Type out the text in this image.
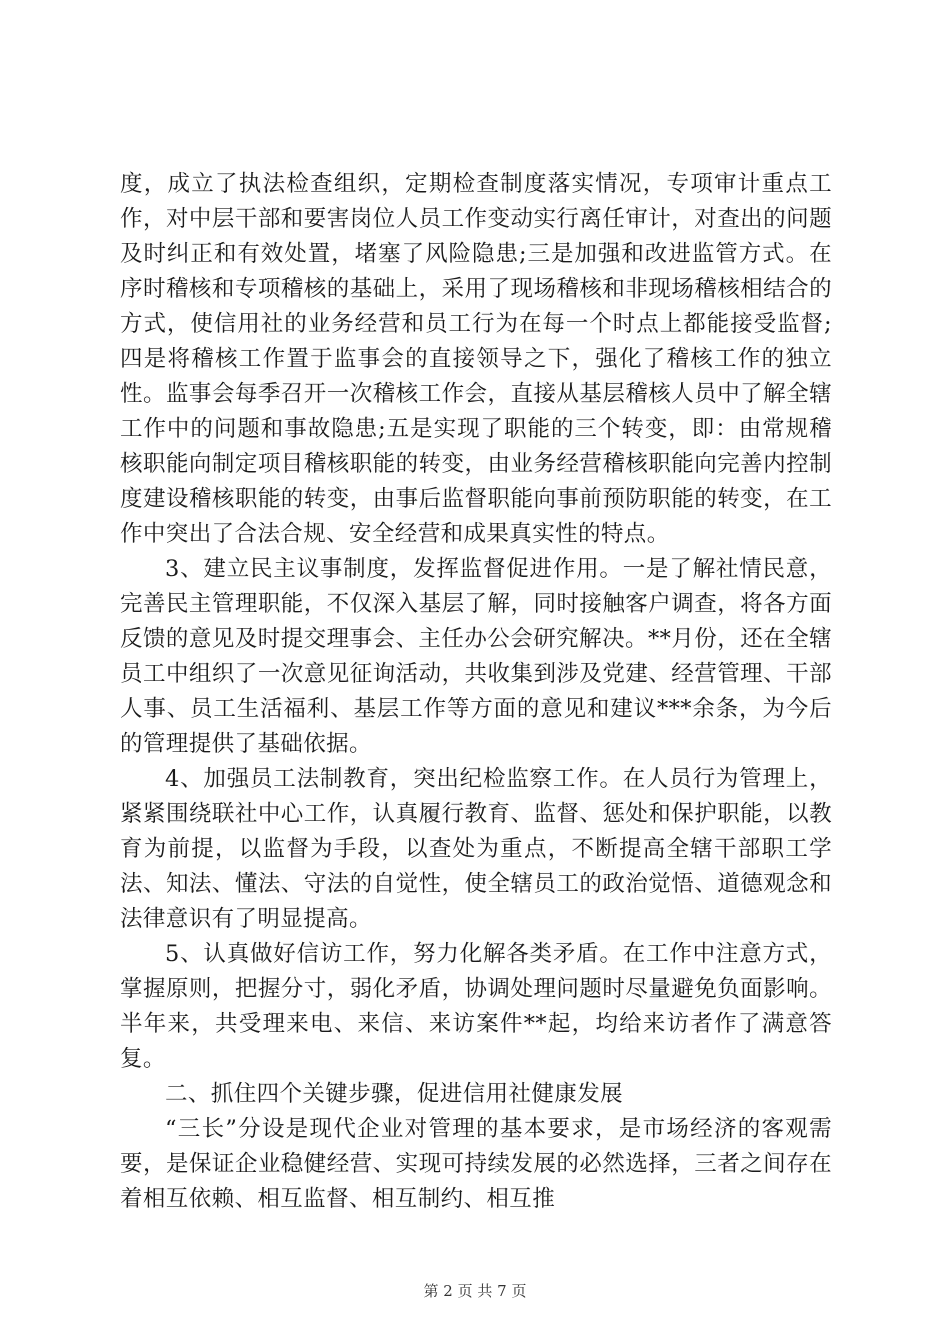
度，成立了执法检查组织，定期检查制度落实情况，专项审计重点工作，对中层干部和要害岗位人员工作变动实行离任审计，对查出的问题及时纠正和有效处置，堵塞了风险隐患;三是加强和改进监管方式。在序时稽核和专项稽核的基础上，采用了现场稽核和非现场稽核相结合的方式，使信用社的业务经营和员工行为在每一个时点上都能接受监督;四是将稽核工作置于监事会的直接领导之下，强化了稽核工作的独立性。监事会每季召开一次稽核工作会，直接从基层稽核人员中了解全辖工作中的问题和事故隐患;五是实现了职能的三个转变，即：由常规稽核职能向制定项目稽核职能的转变，由业务经营稽核职能向完善内控制度建设稽核职能的转变，由事后监督职能向事前预防职能的转变，在工作中突出了合法合规、安全经营和成果真实性的特点。

3、建立民主议事制度，发挥监督促进作用。一是了解社情民意，完善民主管理职能，不仅深入基层了解，同时接触客户调查，将各方面反馈的意见及时提交理事会、主任办公会研究解决。**月份，还在全辖员工中组织了一次意见征询活动，共收集到涉及党建、经营管理、干部人事、员工生活福利、基层工作等方面的意见和建议***余条，为今后的管理提供了基础依据。

4、加强员工法制教育，突出纪检监察工作。在人员行为管理上，紧紧围绕联社中心工作，认真履行教育、监督、惩处和保护职能，以教育为前提，以监督为手段，以查处为重点，不断提高全辖干部职工学法、知法、懂法、守法的自觉性，使全辖员工的政治觉悟、道德观念和法律意识有了明显提高。

5、认真做好信访工作，努力化解各类矛盾。在工作中注意方式，掌握原则，把握分寸，弱化矛盾，协调处理问题时尽量避免负面影响。半年来，共受理来电、来信、来访案件**起，均给来访者作了满意答复。

二、抓住四个关键步骤，促进信用社健康发展

“三长”分设是现代企业对管理的基本要求，是市场经济的客观需要，是保证企业稳健经营、实现可持续发展的必然选择，三者之间存在着相互依赖、相互监督、相互制约、相互推

第 2 页 共 7 页
